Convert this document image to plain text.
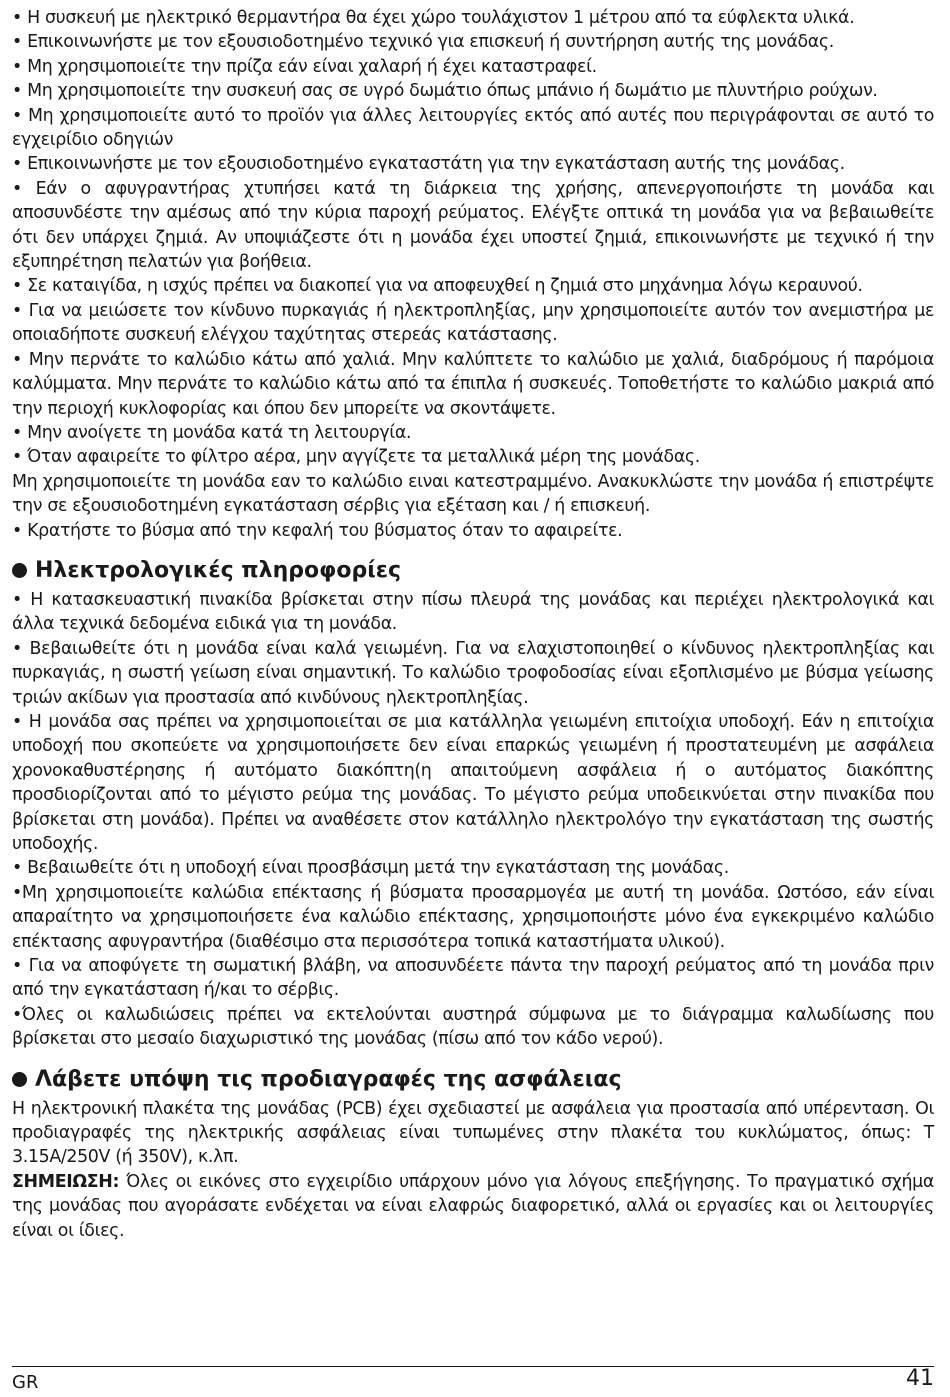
• Η συσκευή με ηλεκτρικό θερμαντήρα θα έχει χώρο τουλάχιστον 1 μέτρου από τα εύφλεκτα υλικά.

• Επικοινωνήστε με τον εξουσιοδοτημένο τεχνικό για επισκευή ή συντήρηση αυτής της μονάδας.

• Μη χρησιμοποιείτε την πρίζα εάν είναι χαλαρή ή έχει καταστραφεί.

• Μη χρησιμοποιείτε την συσκευή σας σε υγρό δωμάτιο όπως μπάνιο ή δωμάτιο με πλυντήριο ρούχων.

• Μη χρησιμοποιείτε αυτό το προϊόν για άλλες λειτουργίες εκτός από αυτές που περιγράφονται σε αυτό το εγχειρίδιο οδηγιών

• Επικοινωνήστε με τον εξουσιοδοτημένο εγκαταστάτη για την εγκατάσταση αυτής της μονάδας.

• Εάν ο αφυγραντήρας χτυπήσει κατά τη διάρκεια της χρήσης, απενεργοποιήστε τη μονάδα και αποσυνδέστε την αμέσως από την κύρια παροχή ρεύματος. Ελέγξτε οπτικά τη μονάδα για να βεβαιωθείτε ότι δεν υπάρχει ζημιά. Αν υποψιάζεστε ότι η μονάδα έχει υποστεί ζημιά, επικοινωνήστε με τεχνικό ή την εξυπηρέτηση πελατών για βοήθεια.

• Σε καταιγίδα, η ισχύς πρέπει να διακοπεί για να αποφευχθεί η ζημιά στο μηχάνημα λόγω κεραυνού.

• Για να μειώσετε τον κίνδυνο πυρκαγιάς ή ηλεκτροπληξίας, μην χρησιμοποιείτε αυτόν τον ανεμιστήρα με οποιαδήποτε συσκευή ελέγχου ταχύτητας στερεάς κατάστασης.

• Μην περνάτε το καλώδιο κάτω από χαλιά. Μην καλύπτετε το καλώδιο με χαλιά, διαδρόμους ή παρόμοια καλύμματα. Μην περνάτε το καλώδιο κάτω από τα έπιπλα ή συσκευές. Τοποθετήστε το καλώδιο μακριά από την περιοχή κυκλοφορίας και όπου δεν μπορείτε να σκοντάψετε.

• Μην ανοίγετε τη μονάδα κατά τη λειτουργία.

• Όταν αφαιρείτε το φίλτρο αέρα, μην αγγίζετε τα μεταλλικά μέρη της μονάδας.

Μη χρησιμοποιείτε τη μονάδα εαν το καλώδιο ειναι κατεστραμμένο. Ανακυκλώστε την μονάδα ή επιστρέψτε την σε εξουσιοδοτημένη εγκατάσταση σέρβις για εξέταση και / ή επισκευή.

• Κρατήστε το βύσμα από την κεφαλή του βύσματος όταν το αφαιρείτε.

Ηλεκτρολογικές πληροφορίες

• Η κατασκευαστική πινακίδα βρίσκεται στην πίσω πλευρά της μονάδας και περιέχει ηλεκτρολογικά και άλλα τεχνικά δεδομένα ειδικά για τη μονάδα.

• Βεβαιωθείτε ότι η μονάδα είναι καλά γειωμένη. Για να ελαχιστοποιηθεί ο κίνδυνος ηλεκτροπληξίας και πυρκαγιάς, η σωστή γείωση είναι σημαντική. Το καλώδιο τροφοδοσίας είναι εξοπλισμένο με βύσμα γείωσης τριών ακίδων για προστασία από κινδύνους ηλεκτροπληξίας.

• Η μονάδα σας πρέπει να χρησιμοποιείται σε μια κατάλληλα γειωμένη επιτοίχια υποδοχή. Εάν η επιτοίχια υποδοχή που σκοπεύετε να χρησιμοποιήσετε δεν είναι επαρκώς γειωμένη ή προστατευμένη με ασφάλεια χρονοκαθυστέρησης ή αυτόματο διακόπτη(η απαιτούμενη ασφάλεια ή ο αυτόματος διακόπτης προσδιορίζονται από το μέγιστο ρεύμα της μονάδας. Το μέγιστο ρεύμα υποδεικνύεται στην πινακίδα που βρίσκεται στη μονάδα). Πρέπει να αναθέσετε στον κατάλληλο ηλεκτρολόγο την εγκατάσταση της σωστής υποδοχής.

• Βεβαιωθείτε ότι η υποδοχή είναι προσβάσιμη μετά την εγκατάσταση της μονάδας.

•Μη χρησιμοποιείτε καλώδια επέκτασης ή βύσματα προσαρμογέα με αυτή τη μονάδα. Ωστόσο, εάν είναι απαραίτητο να χρησιμοποιήσετε ένα καλώδιο επέκτασης, χρησιμοποιήστε μόνο ένα εγκεκριμένο καλώδιο επέκτασης αφυγραντήρα (διαθέσιμο στα περισσότερα τοπικά καταστήματα υλικού).

• Για να αποφύγετε τη σωματική βλάβη, να αποσυνδέετε πάντα την παροχή ρεύματος από τη μονάδα πριν από την εγκατάσταση ή/και το σέρβις.

•Όλες οι καλωδιώσεις πρέπει να εκτελούνται αυστηρά σύμφωνα με το διάγραμμα καλωδίωσης που βρίσκεται στο μεσαίο διαχωριστικό της μονάδας (πίσω από τον κάδο νερού).

Λάβετε υπόψη τις προδιαγραφές της ασφάλειας

Η ηλεκτρονική πλακέτα της μονάδας (PCB) έχει σχεδιαστεί με ασφάλεια για προστασία από υπέρενταση. Οι προδιαγραφές της ηλεκτρικής ασφάλειας είναι τυπωμένες στην πλακέτα του κυκλώματος, όπως: T 3.15A/250V (ή 350V), κ.λπ.

ΣΗΜΕΙΩΣΗ: Όλες οι εικόνες στο εγχειρίδιο υπάρχουν μόνο για λόγους επεξήγησης. Το πραγματικό σχήμα της μονάδας που αγοράσατε ενδέχεται να είναι ελαφρώς διαφορετικό, αλλά οι εργασίες και οι λειτουργίες είναι οι ίδιες.

GR	41
